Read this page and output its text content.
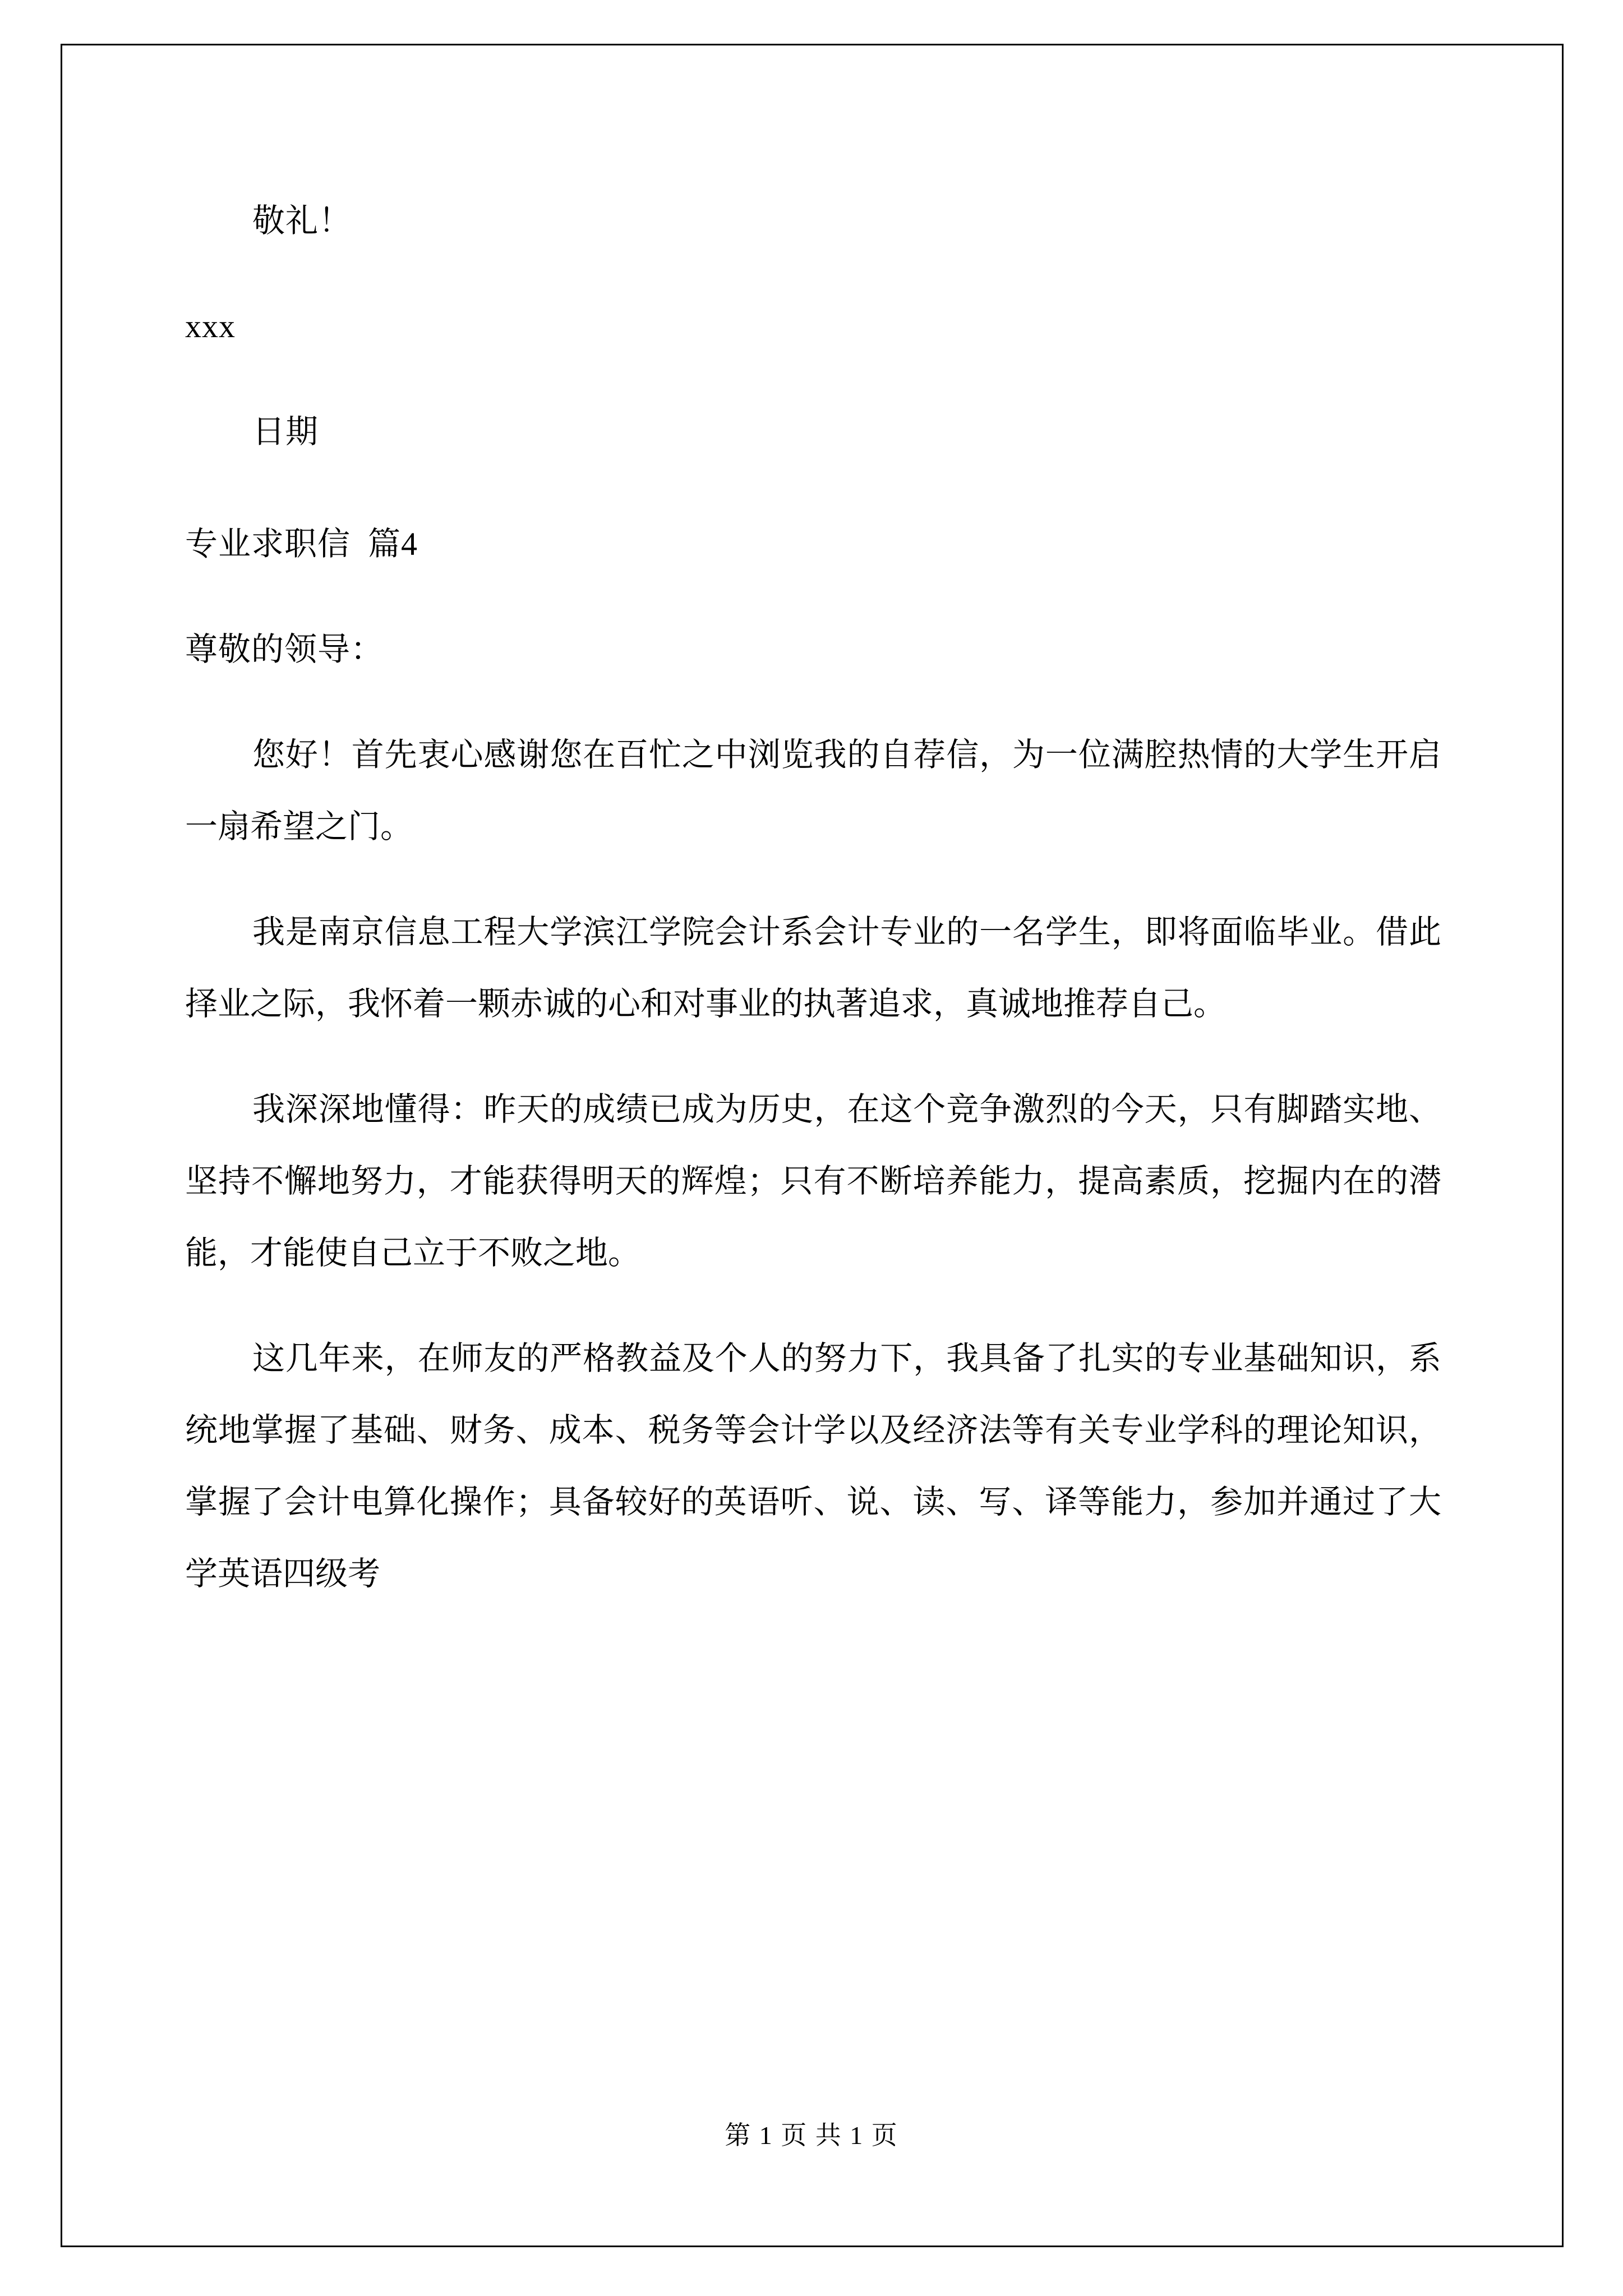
敬礼！
xxx
日期
专业求职信  篇4
尊敬的领导：

您好！首先衷心感谢您在百忙之中浏览我的自荐信，为一位满腔热情的大学生开启一扇希望之门。

我是南京信息工程大学滨江学院会计系会计专业的一名学生，即将面临毕业。借此择业之际，我怀着一颗赤诚的心和对事业的执著追求，真诚地推荐自己。

我深深地懂得：昨天的成绩已成为历史，在这个竞争激烈的今天，只有脚踏实地、坚持不懈地努力，才能获得明天的辉煌；只有不断培养能力，提高素质，挖掘内在的潜能，才能使自己立于不败之地。

这几年来，在师友的严格教益及个人的努力下，我具备了扎实的专业基础知识，系统地掌握了基础、财务、成本、税务等会计学以及经济法等有关专业学科的理论知识，掌握了会计电算化操作；具备较好的英语听、说、读、写、译等能力，参加并通过了大学英语四级考

第 1 页 共 1 页
